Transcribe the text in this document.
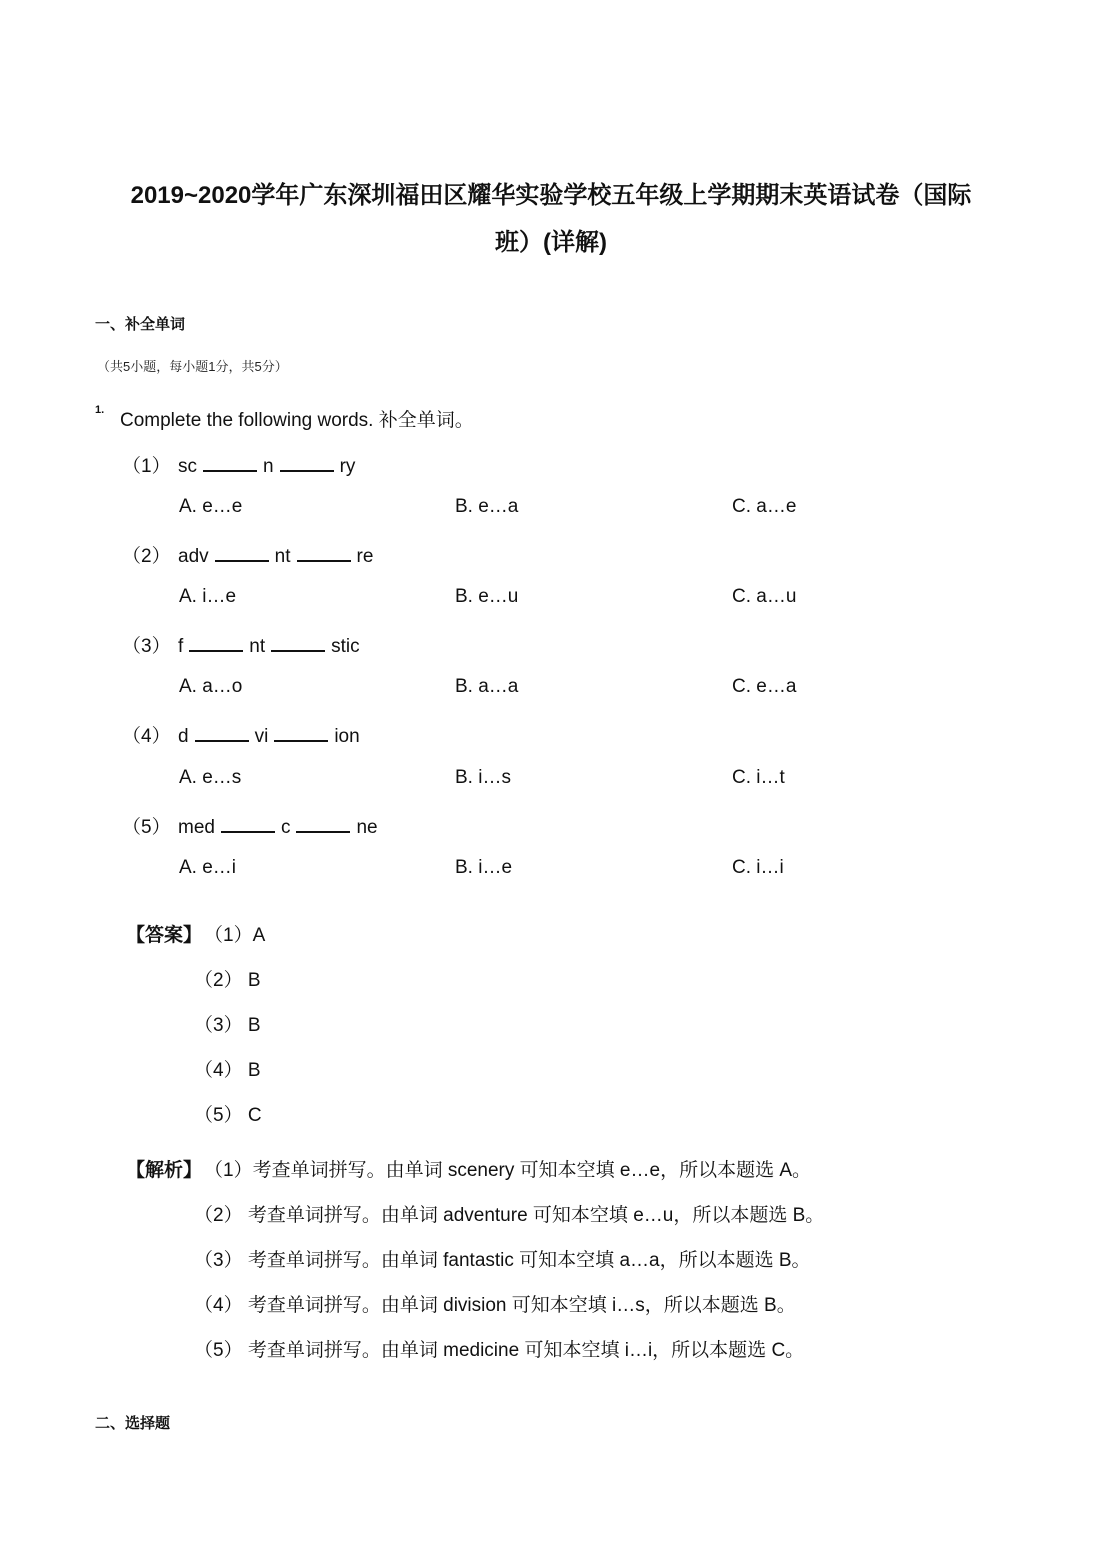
2019~2020学年广东深圳福田区耀华实验学校五年级上学期期末英语试卷（国际
班）(详解)
一、补全单词
（共5小题，每小题1分，共5分）
1. Complete the following words. 补全单词。
（1） sc	n	ry
A. e…e	B. e…a	C. a…e
（2） adv	nt	re
A. i…e	B. e…u	C. a…u
（3） f	nt	stic
A. a…o	B. a…a	C. e…a
（4） d	vi	ion
A. e…s	B. i…s	C. i…t
（5） med	c	ne
A. e…i	B. i…e	C. i…i
【答案】 （1）A
（2） B
（3） B
（4） B
（5） C
【解析】 （1）考查单词拼写。由单词 scenery 可知本空填 e…e，所以本题选 A。
（2） 考查单词拼写。由单词 adventure 可知本空填 e…u，所以本题选 B。
（3） 考查单词拼写。由单词 fantastic 可知本空填 a…a，所以本题选 B。
（4） 考查单词拼写。由单词 division 可知本空填 i…s，所以本题选 B。
（5） 考查单词拼写。由单词 medicine 可知本空填 i…i，所以本题选 C。
二、选择题
